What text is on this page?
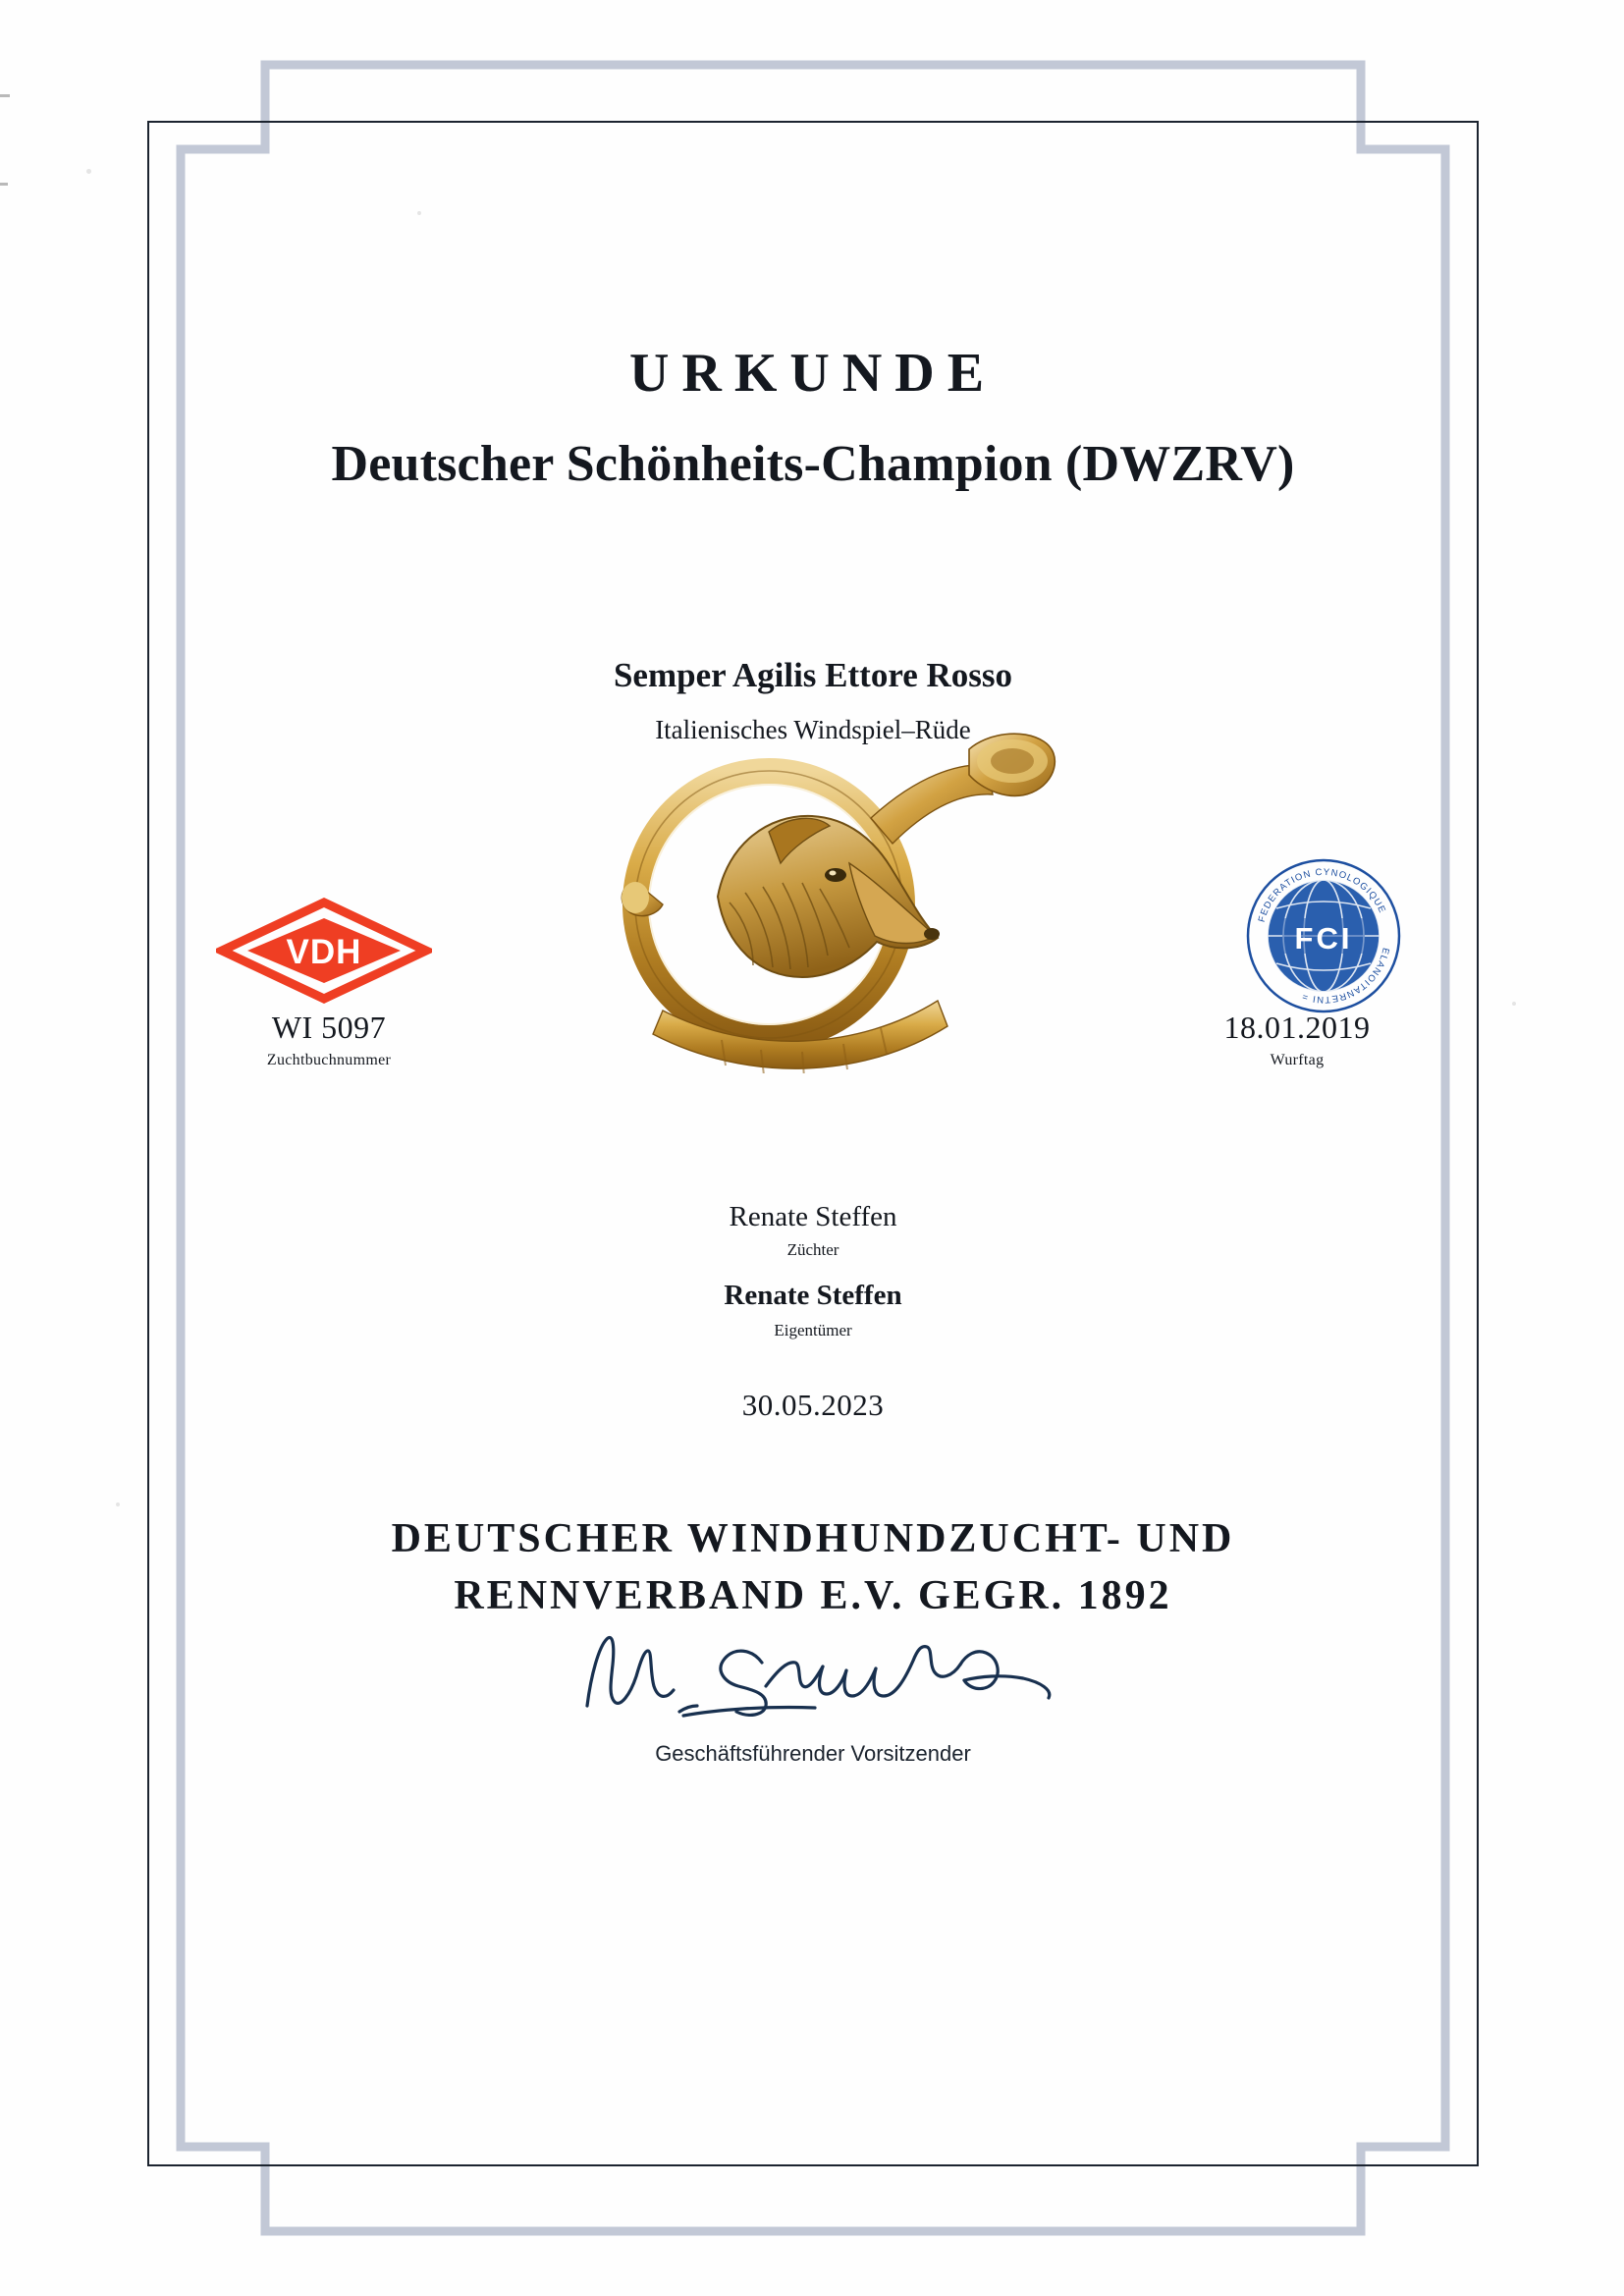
URKUNDE
Deutscher Schönheits-Champion (DWZRV)
Semper Agilis Ettore Rosso
Italienisches Windspiel–Rüde
VDH
WI 5097
Zuchtbuchnummer
FCI
FEDERATION CYNOLOGIQUE
ELANOITANRETNI =
18.01.2019
Wurftag
Renate Steffen
Züchter
Renate Steffen
Eigentümer
30.05.2023
DEUTSCHER WINDHUNDZUCHT- UND
RENNVERBAND E.V. GEGR. 1892
Geschäftsführender Vorsitzender
